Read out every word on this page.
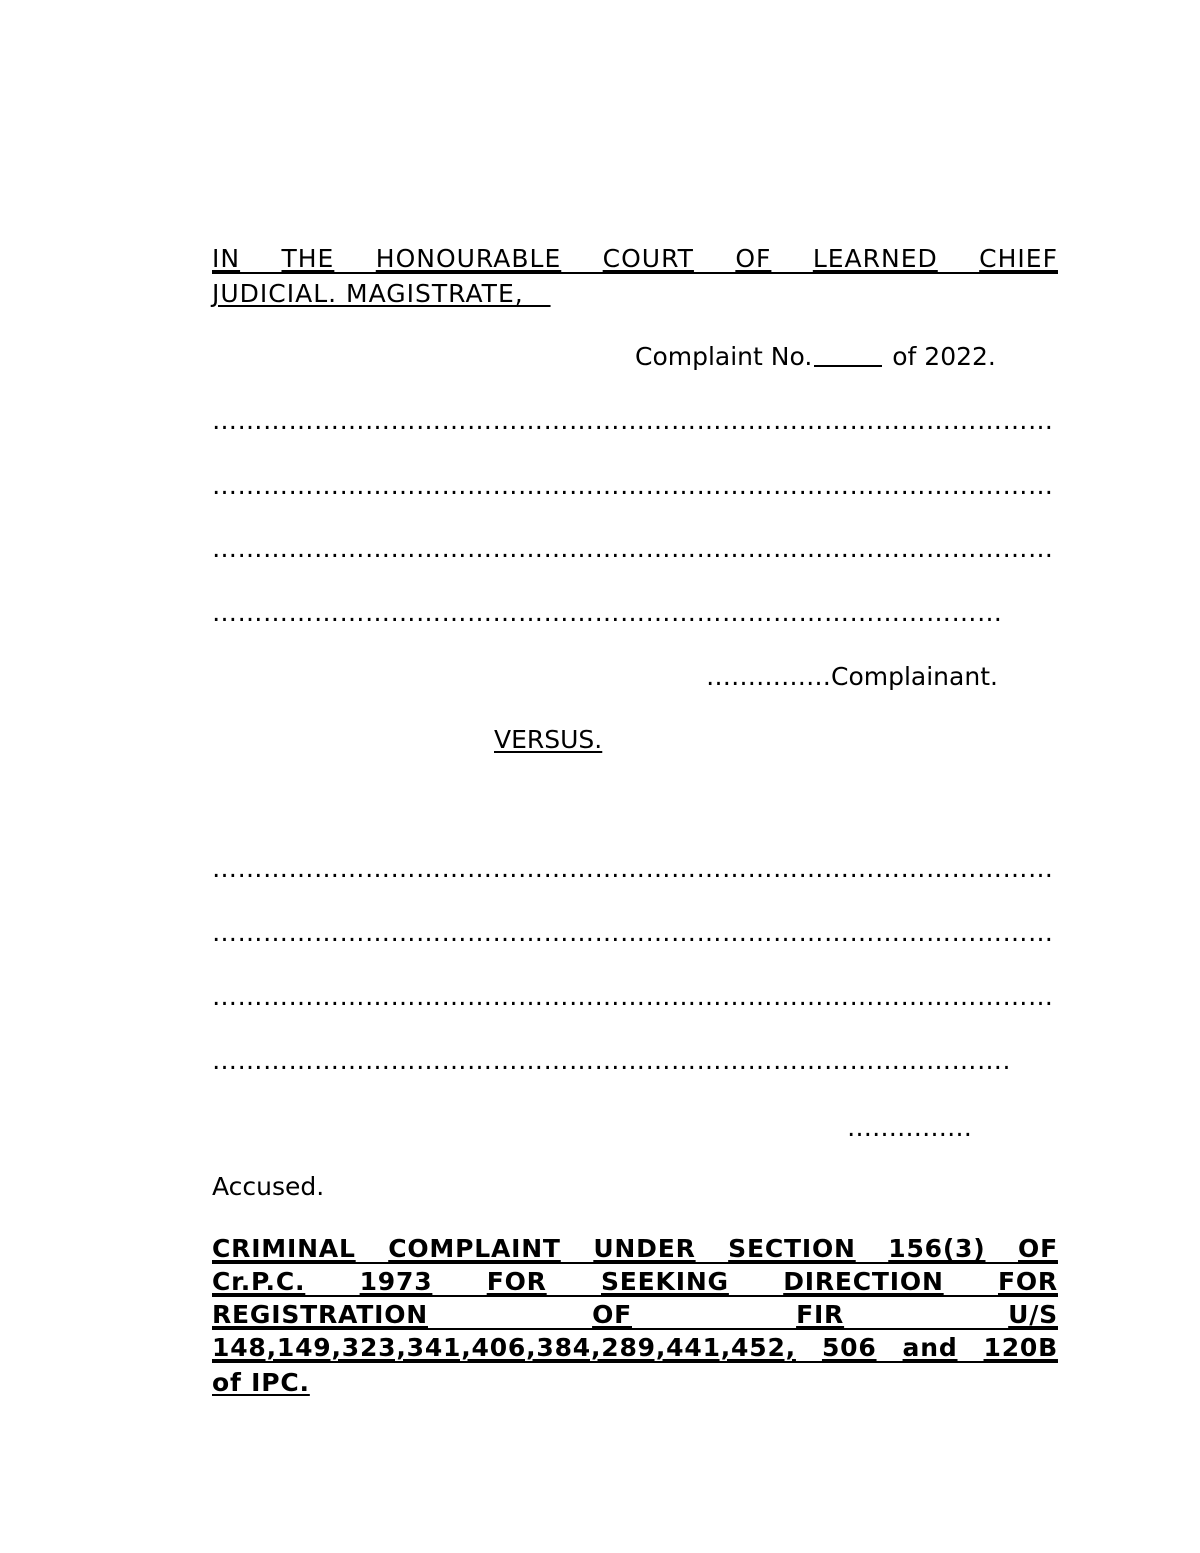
IN THE HONOURABLE COURT OF LEARNED CHIEF
JUDICIAL. MAGISTRATE,
Complaint No.	of 2022.
………………………………………………………………………………………
………………………………………………………………………………………
………………………………………………………………………………………
…………………………………………………………………………………
……………Complainant.
VERSUS.
………………………………………………………………………………………
………………………………………………………………………………………
………………………………………………………………………………………
………………………………………………………………………………….
……………
Accused.
CRIMINAL COMPLAINT UNDER SECTION 156(3) OF
Cr.P.C. 1973 FOR SEEKING DIRECTION FOR
REGISTRATION	OF	FIR	U/S
148,149,323,341,406,384,289,441,452, 506 and 120B
of IPC.
